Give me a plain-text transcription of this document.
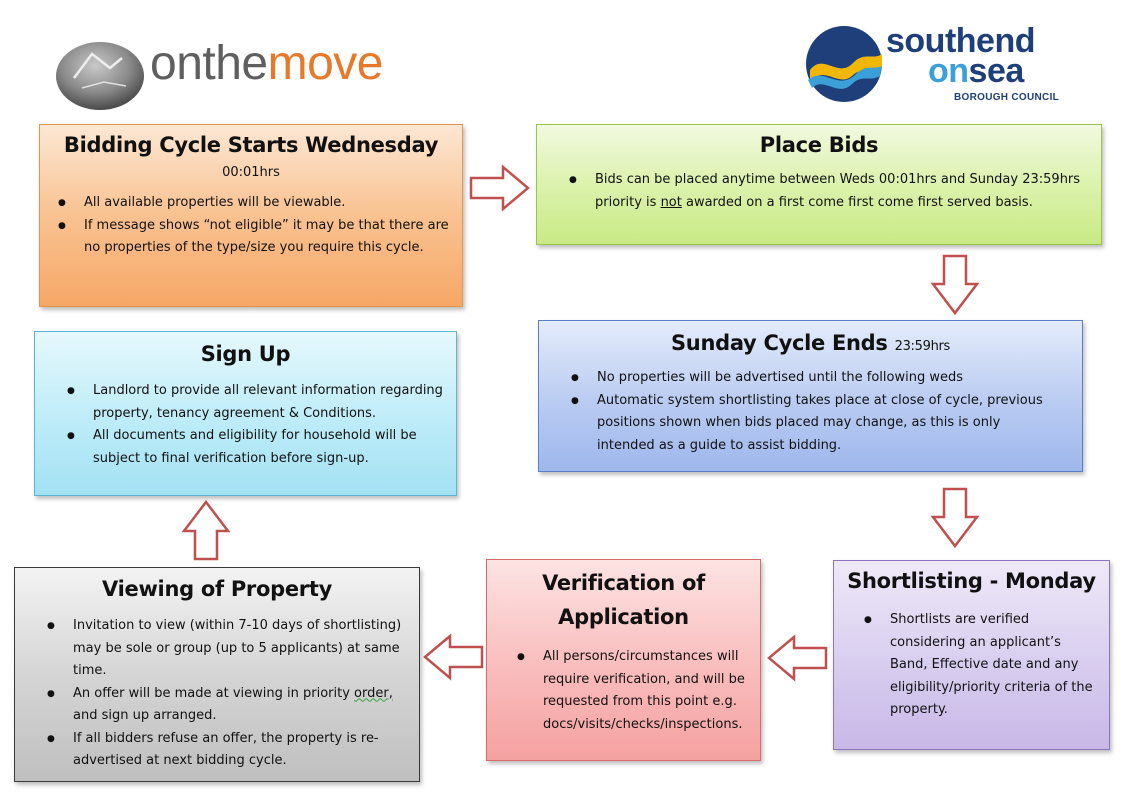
onthemove	southend
onsea
BOROUGH COUNCIL
Bidding Cycle Starts Wednesday
00:01hrs
● All available properties will be viewable.
● If message shows “not eligible” it may be that there are no properties of the type/size you require this cycle.
Place Bids
● Bids can be placed anytime between Weds 00:01hrs and Sunday 23:59hrs priority is not awarded on a first come first come first served basis.
Sign Up
● Landlord to provide all relevant information regarding property, tenancy agreement & Conditions.
● All documents and eligibility for household will be subject to final verification before sign-up.
Sunday Cycle Ends 23:59hrs
● No properties will be advertised until the following weds
● Automatic system shortlisting takes place at close of cycle, previous positions shown when bids placed may change, as this is only intended as a guide to assist bidding.
Viewing of Property
● Invitation to view (within 7-10 days of shortlisting) may be sole or group (up to 5 applicants) at same time.
● An offer will be made at viewing in priority order, and sign up arranged.
● If all bidders refuse an offer, the property is re-advertised at next bidding cycle.
Verification of
Application
● All persons/circumstances will require verification, and will be requested from this point e.g. docs/visits/checks/inspections.
Shortlisting - Monday
● Shortlists are verified considering an applicant’s Band, Effective date and any eligibility/priority criteria of the property.
